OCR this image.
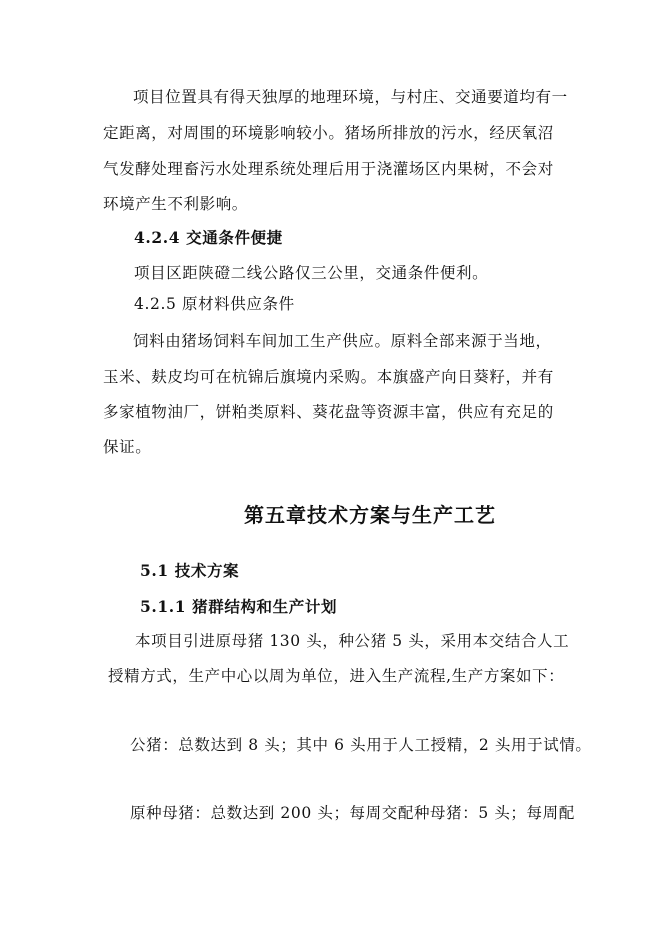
项目位置具有得天独厚的地理环境，与村庄、交通要道均有一
定距离，对周围的环境影响较小。猪场所排放的污水，经厌氧沼
气发酵处理畜污水处理系统处理后用于浇灌场区内果树，不会对
环境产生不利影响。
4.2.4 交通条件便捷
项目区距陕磴二线公路仅三公里，交通条件便利。
4.2.5 原材料供应条件
饲料由猪场饲料车间加工生产供应。原料全部来源于当地，
玉米、麸皮均可在杭锦后旗境内采购。本旗盛产向日葵籽，并有
多家植物油厂，饼粕类原料、葵花盘等资源丰富，供应有充足的
保证。
第五章技术方案与生产工艺
5.1 技术方案
5.1.1 猪群结构和生产计划
本项目引进原母猪 130 头，种公猪 5 头，采用本交结合人工
授精方式，生产中心以周为单位，进入生产流程,生产方案如下：
公猪：总数达到 8 头；其中 6 头用于人工授精，2 头用于试情。
原种母猪：总数达到 200 头；每周交配种母猪：5 头；每周配
